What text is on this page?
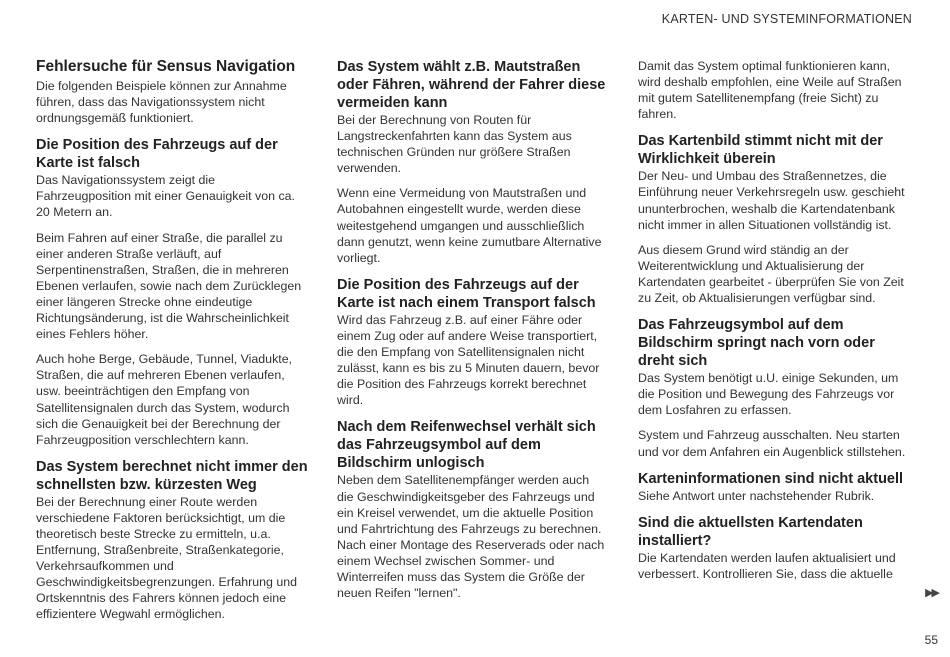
KARTEN- UND SYSTEMINFORMATIONEN
Fehlersuche für Sensus Navigation

Die folgenden Beispiele können zur Annahme führen, dass das Navigationssystem nicht ordnungsgemäß funktioniert.

Die Position des Fahrzeugs auf der Karte ist falsch

Das Navigationssystem zeigt die Fahrzeugposition mit einer Genauigkeit von ca. 20 Metern an.

Beim Fahren auf einer Straße, die parallel zu einer anderen Straße verläuft, auf Serpentinenstraßen, Straßen, die in mehreren Ebenen verlaufen, sowie nach dem Zurücklegen einer längeren Strecke ohne eindeutige Richtungsänderung, ist die Wahrscheinlichkeit eines Fehlers höher.

Auch hohe Berge, Gebäude, Tunnel, Viadukte, Straßen, die auf mehreren Ebenen verlaufen, usw. beeinträchtigen den Empfang von Satellitensignalen durch das System, wodurch sich die Genauigkeit bei der Berechnung der Fahrzeugposition verschlechtern kann.

Das System berechnet nicht immer den schnellsten bzw. kürzesten Weg

Bei der Berechnung einer Route werden verschiedene Faktoren berücksichtigt, um die theoretisch beste Strecke zu ermitteln, u.a. Entfernung, Straßenbreite, Straßenkategorie, Verkehrsaufkommen und Geschwindigkeitsbegrenzungen. Erfahrung und Ortskenntnis des Fahrers können jedoch eine effizientere Wegwahl ermöglichen.

Das System wählt z.B. Mautstraßen oder Fähren, während der Fahrer diese vermeiden kann

Bei der Berechnung von Routen für Langstreckenfahrten kann das System aus technischen Gründen nur größere Straßen verwenden.

Wenn eine Vermeidung von Mautstraßen und Autobahnen eingestellt wurde, werden diese weitestgehend umgangen und ausschließlich dann genutzt, wenn keine zumutbare Alternative vorliegt.

Die Position des Fahrzeugs auf der Karte ist nach einem Transport falsch

Wird das Fahrzeug z.B. auf einer Fähre oder einem Zug oder auf andere Weise transportiert, die den Empfang von Satellitensignalen nicht zulässt, kann es bis zu 5 Minuten dauern, bevor die Position des Fahrzeugs korrekt berechnet wird.

Nach dem Reifenwechsel verhält sich das Fahrzeugsymbol auf dem Bildschirm unlogisch

Neben dem Satellitenempfänger werden auch die Geschwindigkeitsgeber des Fahrzeugs und ein Kreisel verwendet, um die aktuelle Position und Fahrtrichtung des Fahrzeugs zu berechnen. Nach einer Montage des Reserverads oder nach einem Wechsel zwischen Sommer- und Winterreifen muss das System die Größe der neuen Reifen "lernen".

Damit das System optimal funktionieren kann, wird deshalb empfohlen, eine Weile auf Straßen mit gutem Satellitenempfang (freie Sicht) zu fahren.

Das Kartenbild stimmt nicht mit der Wirklichkeit überein

Der Neu- und Umbau des Straßennetzes, die Einführung neuer Verkehrsregeln usw. geschieht ununterbrochen, weshalb die Kartendatenbank nicht immer in allen Situationen vollständig ist.

Aus diesem Grund wird ständig an der Weiterentwicklung und Aktualisierung der Kartendaten gearbeitet - überprüfen Sie von Zeit zu Zeit, ob Aktualisierungen verfügbar sind.

Das Fahrzeugsymbol auf dem Bildschirm springt nach vorn oder dreht sich

Das System benötigt u.U. einige Sekunden, um die Position und Bewegung des Fahrzeugs vor dem Losfahren zu erfassen.

System und Fahrzeug ausschalten. Neu starten und vor dem Anfahren ein Augenblick stillstehen.

Karteninformationen sind nicht aktuell

Siehe Antwort unter nachstehender Rubrik.

Sind die aktuellsten Kartendaten installiert?

Die Kartendaten werden laufen aktualisiert und verbessert. Kontrollieren Sie, dass die aktuelle

▶▶
55
